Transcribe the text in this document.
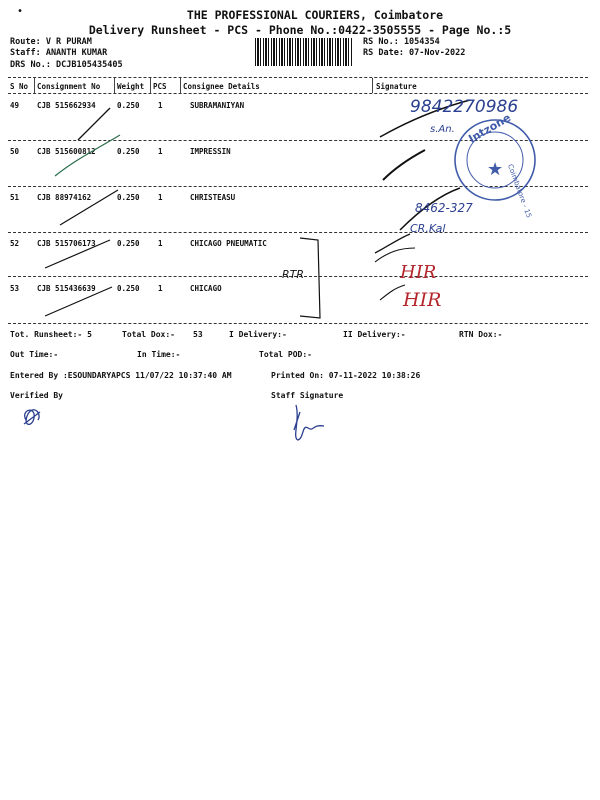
•	THE PROFESSIONAL COURIERS, Coimbatore
Delivery Runsheet - PCS - Phone No.:0422-3505555 - Page No.:5
Route: V R PURAM
Staff: ANANTH KUMAR
DRS No.: DCJB105435405
RS No.: 1054354
RS Date: 07-Nov-2022
S No Consignment No Weight PCS Consignee Details	Signature
49 CJB 515662934	0.250 1	SUBRAMANIYAN
50 CJB 515600812	0.250 1	IMPRESSIN
51 CJB 88974162	0.250 1	CHRISTEASU
52 CJB 515706173	0.250 1	CHICAGO PNEUMATIC
53 CJB 515436639	0.250 1	CHICAGO
9842270986
s.An.
8462-327
CR.Kal
Intzone
Coimbatore - 15
★
RTR	HIR
HIR
Tot. Runsheet:- 5	Total Dox:- 53	I Delivery:-	II Delivery:-	RTN Dox:-
Out Time:-	In Time:-	Total POD:-
Entered By :ESOUNDARYAPCS 11/07/22 10:37:40 AM	Printed On: 07-11-2022 10:38:26
Verified By	Staff Signature
